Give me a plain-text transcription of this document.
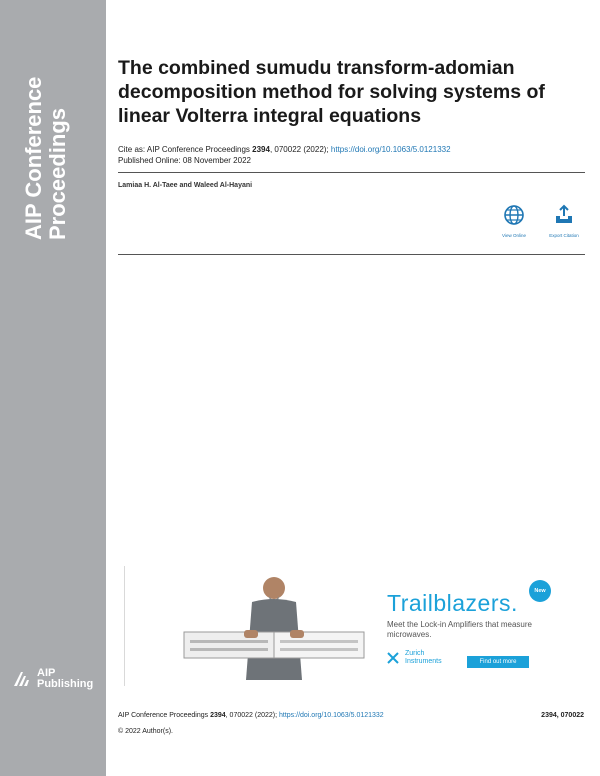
AIP Conference Proceedings
AIP
Publishing
The combined sumudu transform-adomian decomposition method for solving systems of linear Volterra integral equations
Cite as: AIP Conference Proceedings 2394, 070022 (2022); https://doi.org/10.1063/5.0121332
Published Online: 08 November 2022
Lamiaa H. Al-Taee and Waleed Al-Hayani
View Online	Export Citation
New
Trailblazers.
Meet the Lock-in Amplifiers that measure microwaves.
Zurich
Instruments	Find out more
AIP Conference Proceedings 2394, 070022 (2022); https://doi.org/10.1063/5.0121332	2394, 070022
© 2022 Author(s).
